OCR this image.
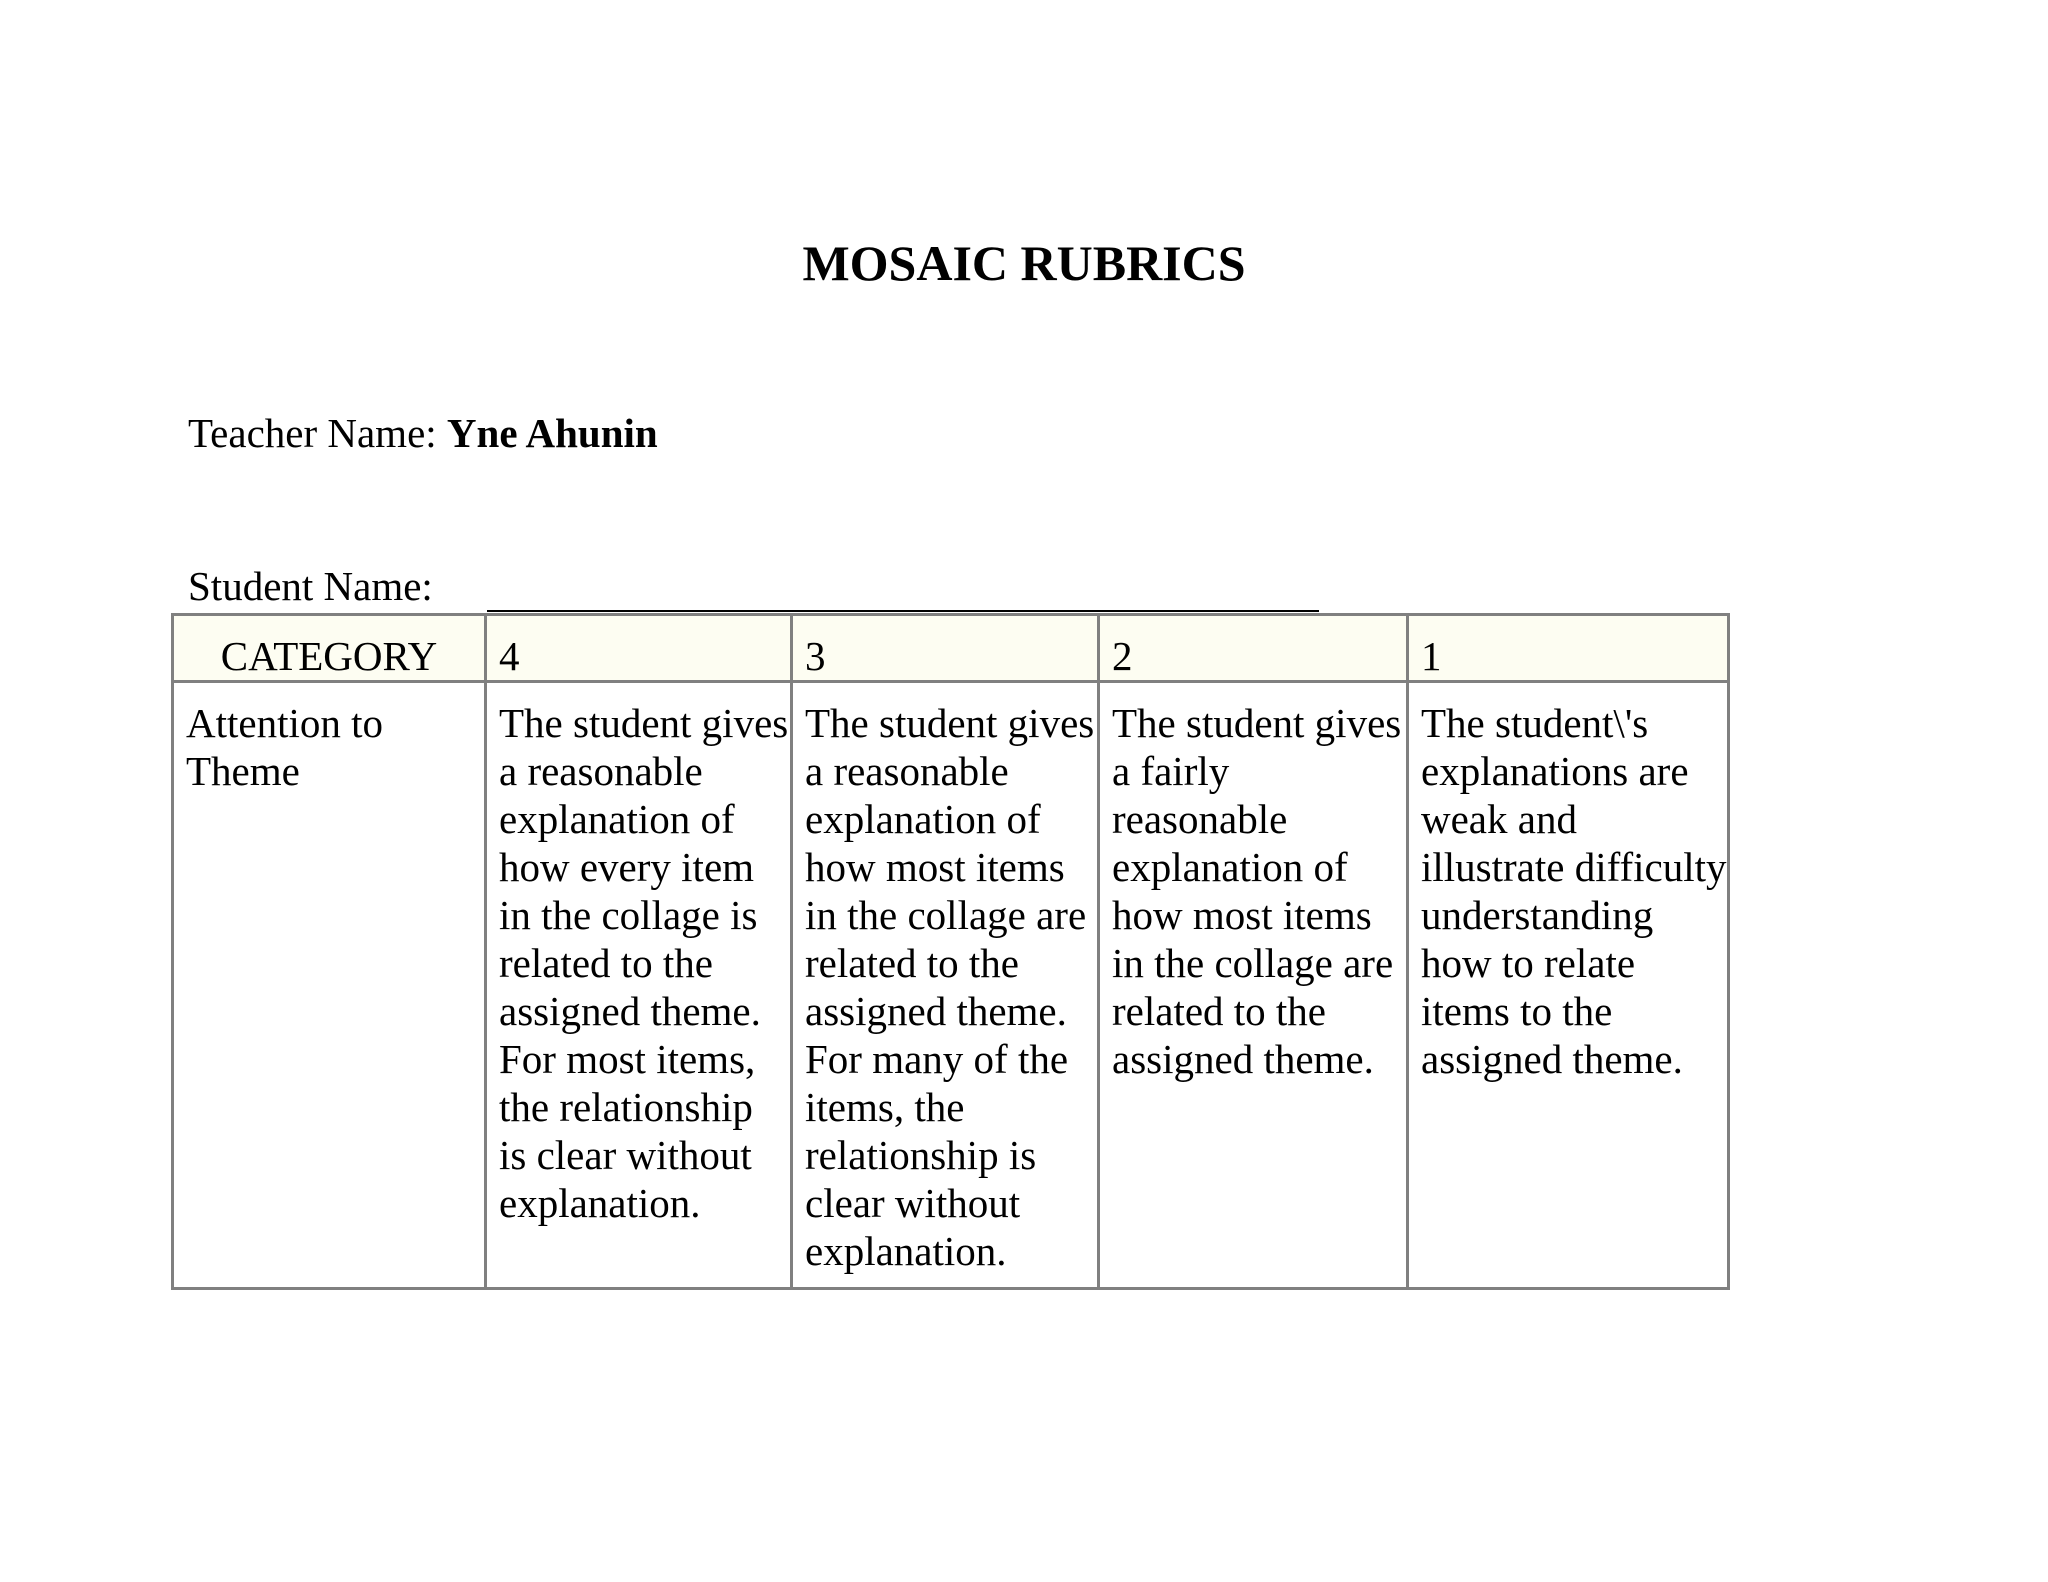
MOSAIC RUBRICS
Teacher Name: Yne Ahunin
Student Name:
CATEGORY	4	3	2	1
Attention to Theme	The student gives a reasonable explanation of how every item in the collage is related to the assigned theme. For most items, the relationship is clear without explanation.	The student gives a reasonable explanation of how most items in the collage are related to the assigned theme. For many of the items, the relationship is clear without explanation.	The student gives a fairly reasonable explanation of how most items in the collage are related to the assigned theme.	The student\'s explanations are weak and illustrate difficulty understanding how to relate items to the assigned theme.
